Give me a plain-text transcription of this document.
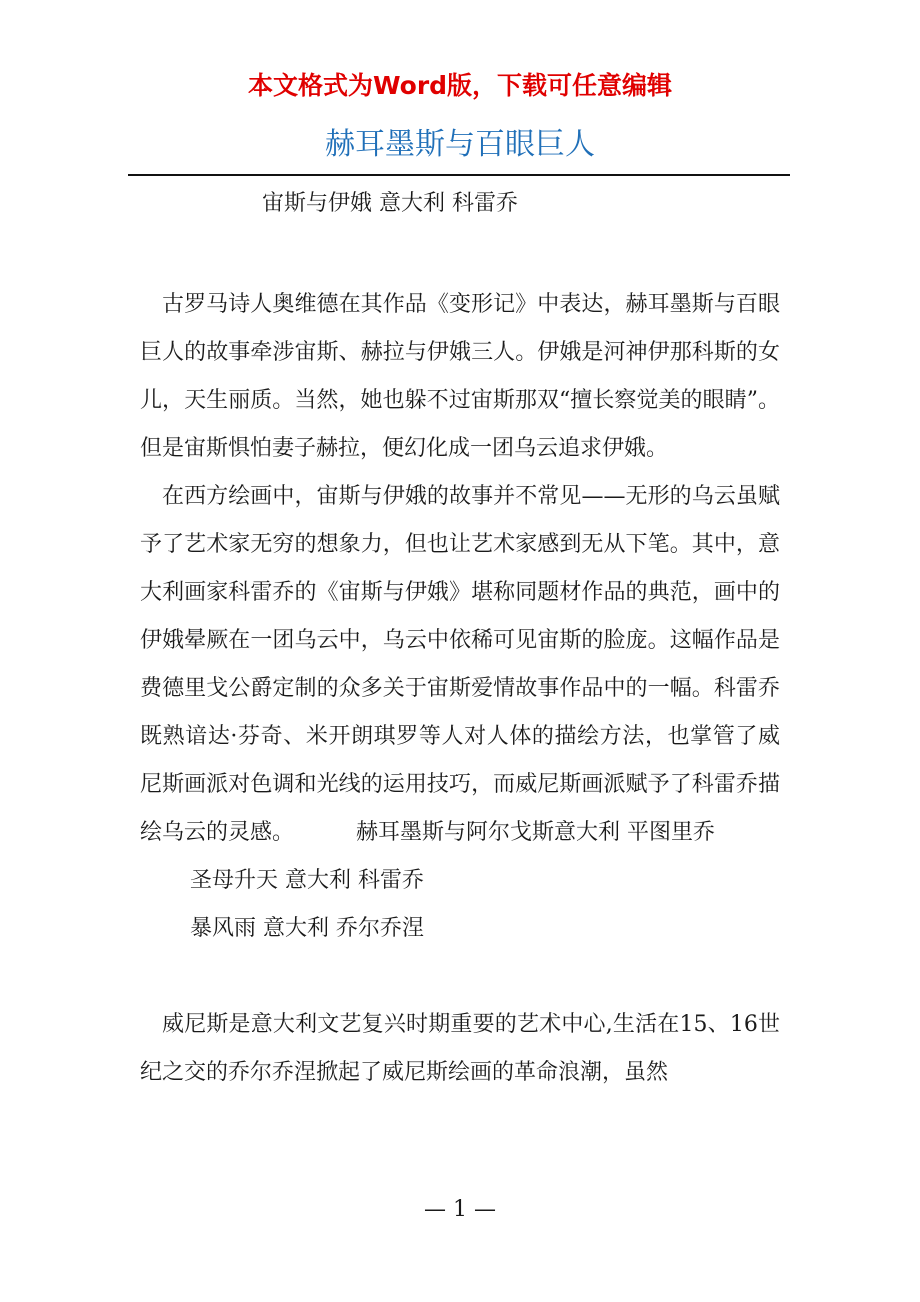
本文格式为Word版，下载可任意编辑
赫耳墨斯与百眼巨人
宙斯与伊娥 意大利 科雷乔

古罗马诗人奥维德在其作品《变形记》中表达，赫耳墨斯与百眼巨人的故事牵涉宙斯、赫拉与伊娥三人。伊娥是河神伊那科斯的女儿，天生丽质。当然，她也躲不过宙斯那双“擅长察觉美的眼睛”。但是宙斯惧怕妻子赫拉，便幻化成一团乌云追求伊娥。

在西方绘画中，宙斯与伊娥的故事并不常见——无形的乌云虽赋予了艺术家无穷的想象力，但也让艺术家感到无从下笔。其中，意大利画家科雷乔的《宙斯与伊娥》堪称同题材作品的典范，画中的伊娥晕厥在一团乌云中，乌云中依稀可见宙斯的脸庞。这幅作品是费德里戈公爵定制的众多关于宙斯爱情故事作品中的一幅。科雷乔既熟谙达·芬奇、米开朗琪罗等人对人体的描绘方法，也掌管了威尼斯画派对色调和光线的运用技巧，而威尼斯画派赋予了科雷乔描绘乌云的灵感。	赫耳墨斯与阿尔戈斯意大利 平图里乔

圣母升天 意大利 科雷乔

暴风雨 意大利 乔尔乔涅

威尼斯是意大利文艺复兴时期重要的艺术中心,生活在15、16世纪之交的乔尔乔涅掀起了威尼斯绘画的革命浪潮，虽然

— 1 —
